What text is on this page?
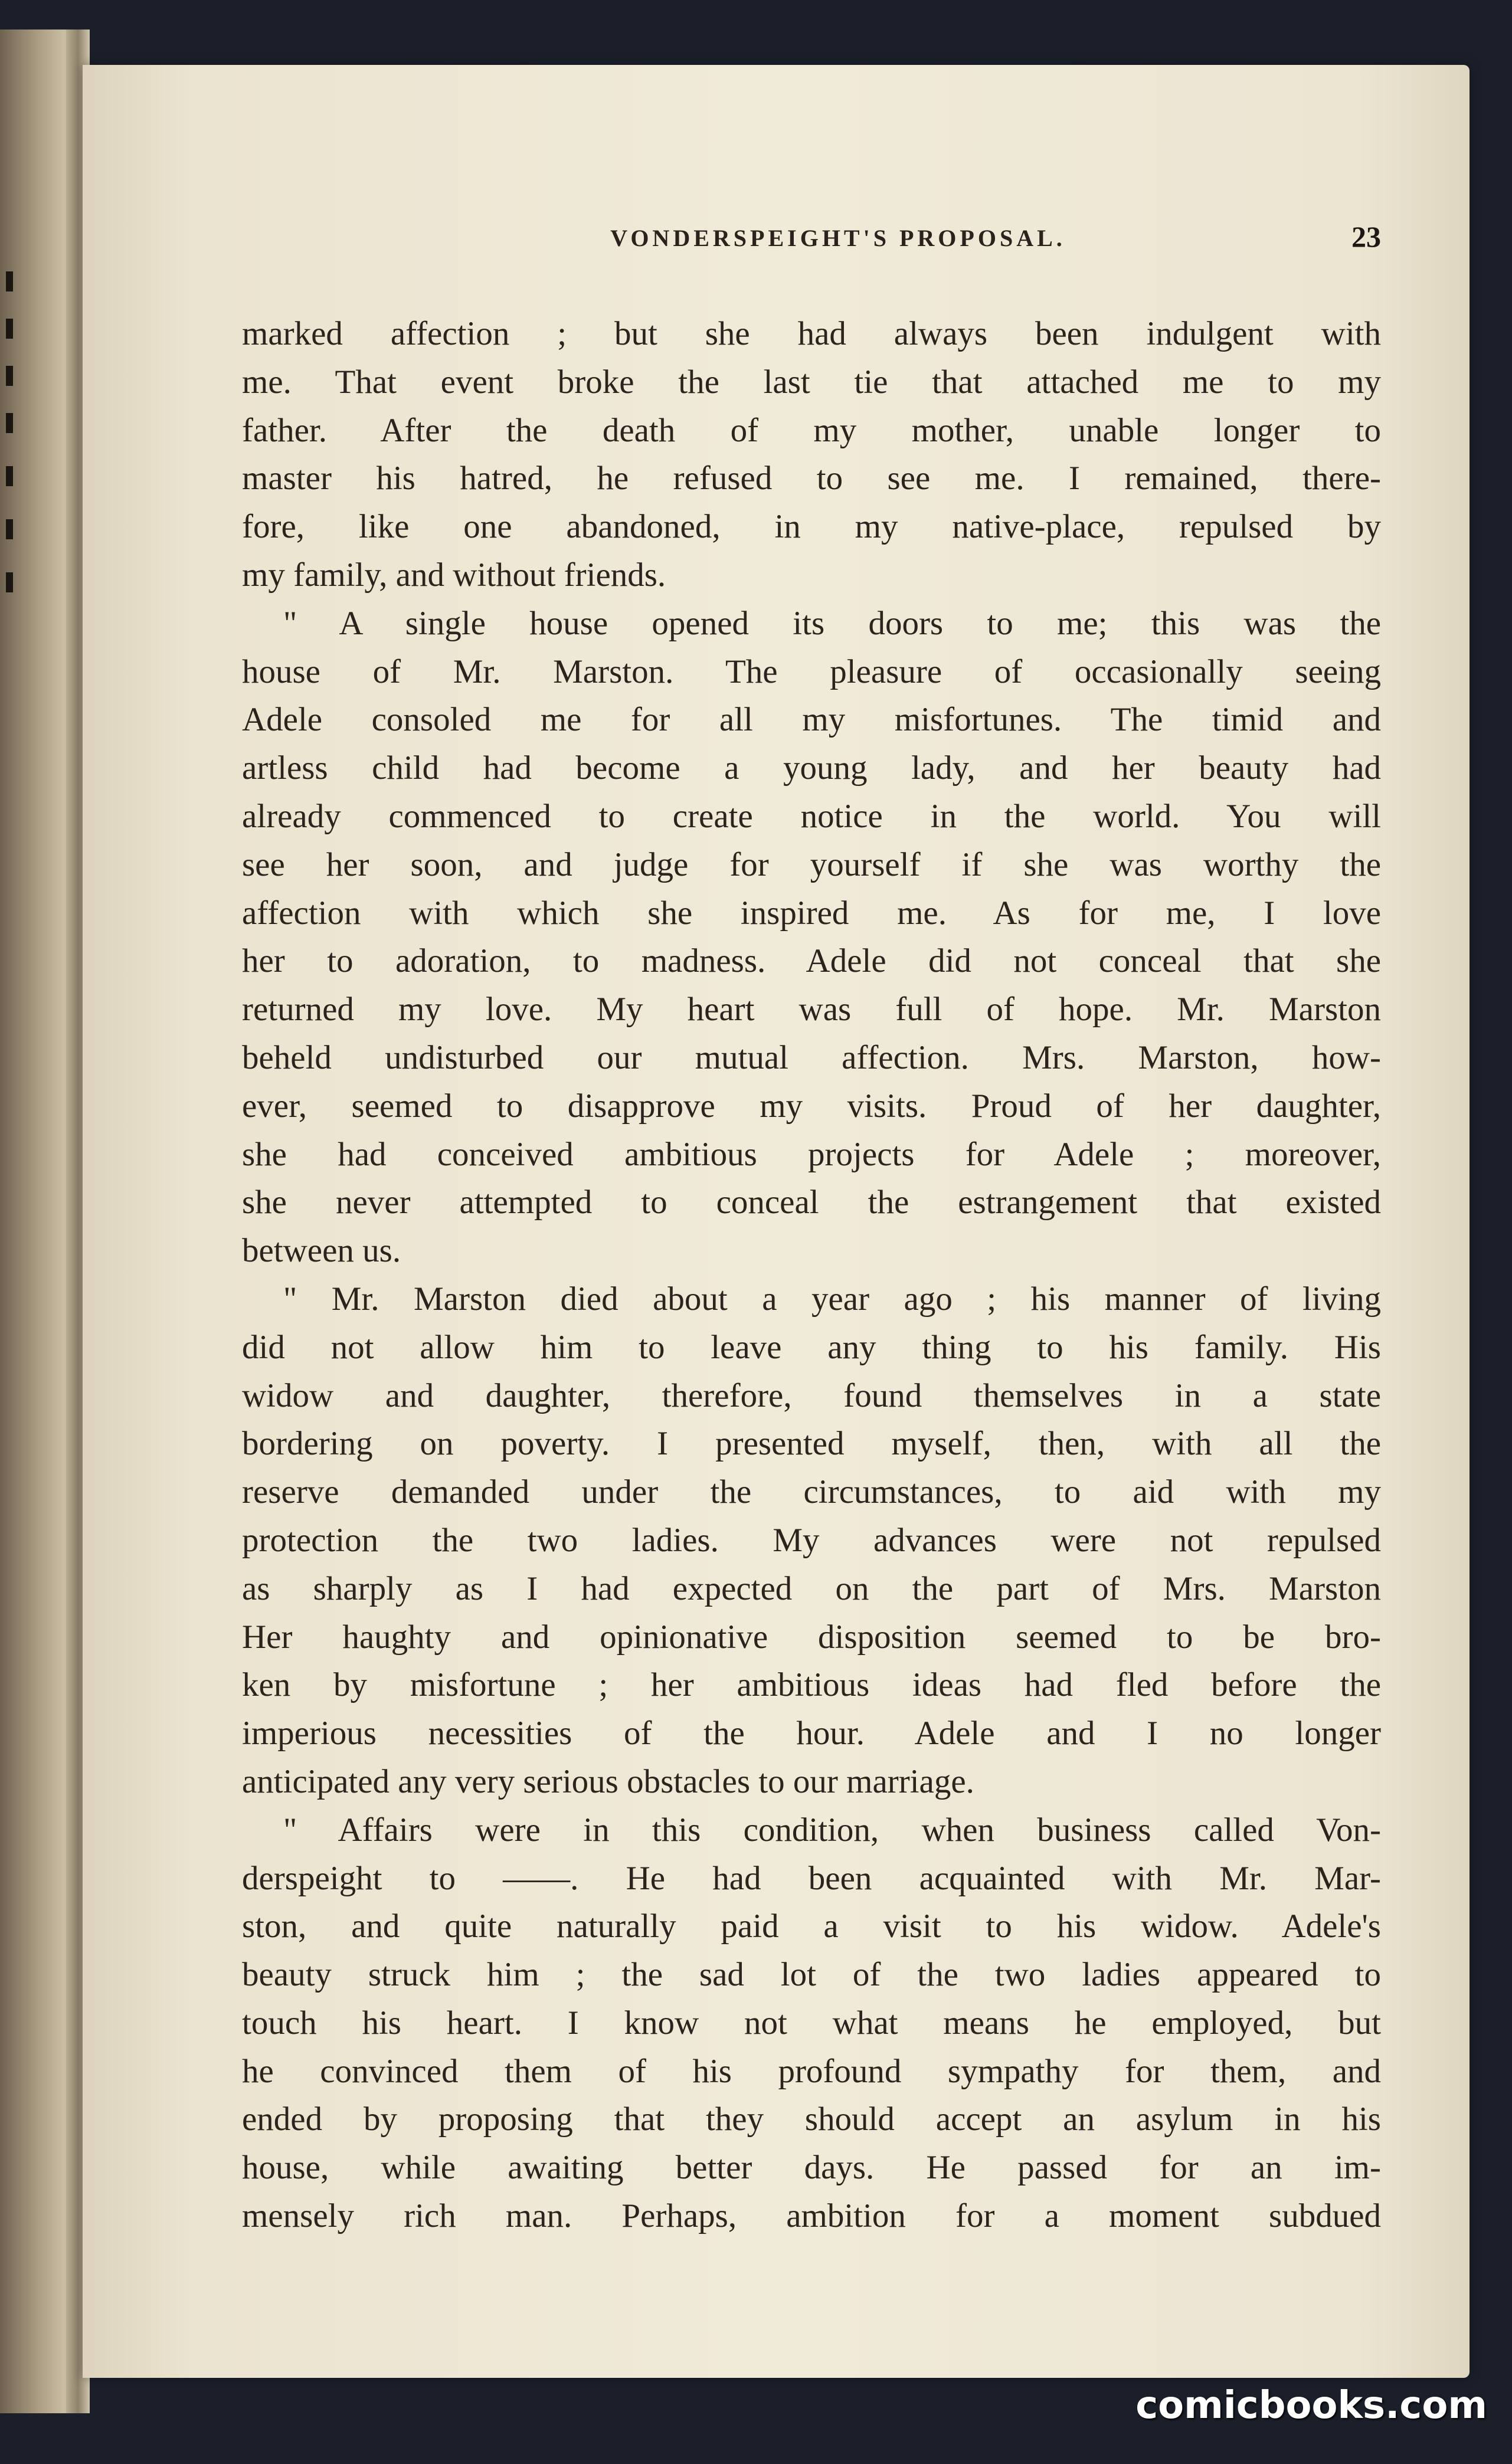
VONDERSPEIGHT'S PROPOSAL.	23
marked affection ; but she had always been indulgent with
me. That event broke the last tie that attached me to my
father. After the death of my mother, unable longer to
master his hatred, he refused to see me. I remained, there-
fore, like one abandoned, in my native-place, repulsed by
my family, and without friends.
" A single house opened its doors to me; this was the
house of Mr. Marston. The pleasure of occasionally seeing
Adele consoled me for all my misfortunes. The timid and
artless child had become a young lady, and her beauty had
already commenced to create notice in the world. You will
see her soon, and judge for yourself if she was worthy the
affection with which she inspired me. As for me, I love
her to adoration, to madness. Adele did not conceal that she
returned my love. My heart was full of hope. Mr. Marston
beheld undisturbed our mutual affection. Mrs. Marston, how-
ever, seemed to disapprove my visits. Proud of her daughter,
she had conceived ambitious projects for Adele ; moreover,
she never attempted to conceal the estrangement that existed
between us.
" Mr. Marston died about a year ago ; his manner of living
did not allow him to leave any thing to his family. His
widow and daughter, therefore, found themselves in a state
bordering on poverty. I presented myself, then, with all the
reserve demanded under the circumstances, to aid with my
protection the two ladies. My advances were not repulsed
as sharply as I had expected on the part of Mrs. Marston
Her haughty and opinionative disposition seemed to be bro-
ken by misfortune ; her ambitious ideas had fled before the
imperious necessities of the hour. Adele and I no longer
anticipated any very serious obstacles to our marriage.
" Affairs were in this condition, when business called Von-
derspeight to ——. He had been acquainted with Mr. Mar-
ston, and quite naturally paid a visit to his widow. Adele's
beauty struck him ; the sad lot of the two ladies appeared to
touch his heart. I know not what means he employed, but
he convinced them of his profound sympathy for them, and
ended by proposing that they should accept an asylum in his
house, while awaiting better days. He passed for an im-
mensely rich man. Perhaps, ambition for a moment subdued
comicbooks.com
